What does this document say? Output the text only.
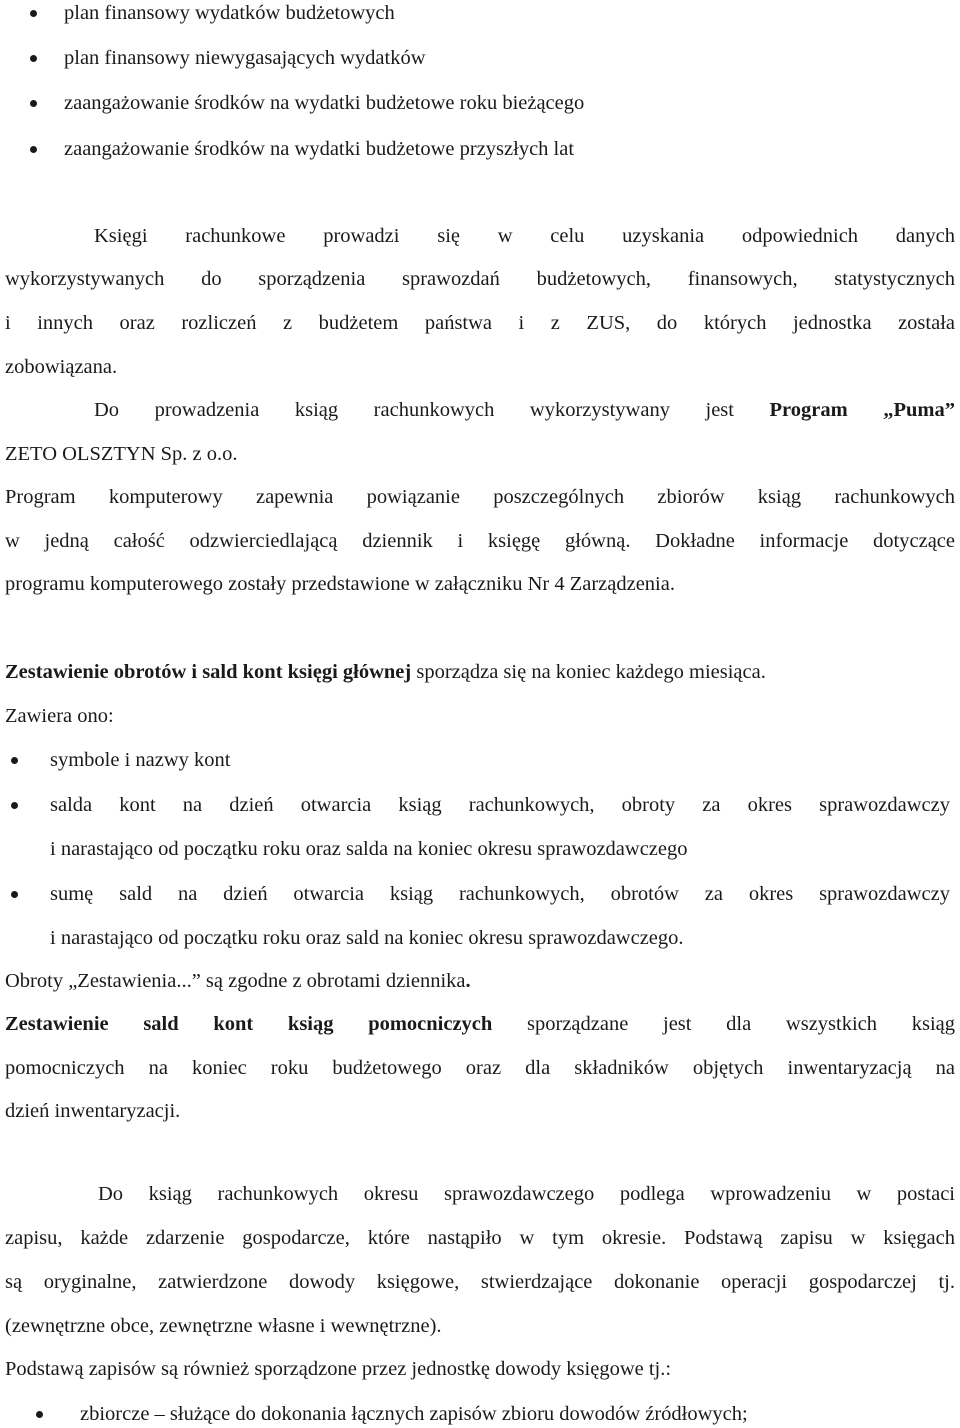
plan finansowy wydatków budżetowych
plan finansowy niewygasających wydatków
zaangażowanie środków na wydatki budżetowe roku bieżącego
zaangażowanie środków na wydatki budżetowe przyszłych lat
Księgi rachunkowe prowadzi się w celu uzyskania odpowiednich danych
wykorzystywanych do sporządzenia sprawozdań budżetowych, finansowych, statystycznych
i innych oraz rozliczeń z budżetem państwa i z ZUS, do których jednostka została
zobowiązana.
Do prowadzenia ksiąg rachunkowych wykorzystywany jest Program „Puma”
ZETO OLSZTYN Sp. z o.o.
Program komputerowy zapewnia powiązanie poszczególnych zbiorów ksiąg rachunkowych
w jedną całość odzwierciedlającą dziennik i księgę główną. Dokładne informacje dotyczące
programu komputerowego zostały przedstawione w załączniku Nr 4 Zarządzenia.
Zestawienie obrotów i sald kont księgi głównej sporządza się na koniec każdego miesiąca.
Zawiera ono:
symbole i nazwy kont
salda kont na dzień otwarcia ksiąg rachunkowych, obroty za okres sprawozdawczy
i narastająco od początku roku oraz salda na koniec okresu sprawozdawczego
sumę sald na dzień otwarcia ksiąg rachunkowych, obrotów za okres sprawozdawczy
i narastająco od początku roku oraz sald na koniec okresu sprawozdawczego.
Obroty „Zestawienia...” są zgodne z obrotami dziennika.
Zestawienie sald kont ksiąg pomocniczych sporządzane jest dla wszystkich ksiąg
pomocniczych na koniec roku budżetowego oraz dla składników objętych inwentaryzacją na
dzień inwentaryzacji.
Do ksiąg rachunkowych okresu sprawozdawczego podlega wprowadzeniu w postaci
zapisu, każde zdarzenie gospodarcze, które nastąpiło w tym okresie. Podstawą zapisu w księgach
są oryginalne, zatwierdzone dowody księgowe, stwierdzające dokonanie operacji gospodarczej tj.
(zewnętrzne obce, zewnętrzne własne i wewnętrzne).
Podstawą zapisów są również sporządzone przez jednostkę dowody księgowe tj.:
zbiorcze – służące do dokonania łącznych zapisów zbioru dowodów źródłowych;
